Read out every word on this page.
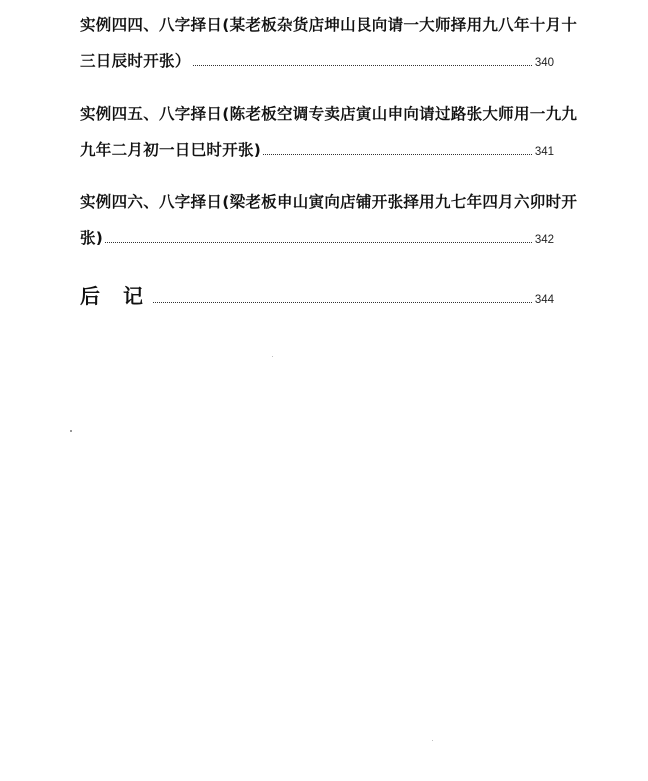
实例四四、八字择日(某老板杂货店坤山艮向请一大师择用九八年十月十
三日辰时开张）	340
实例四五、八字择日(陈老板空调专卖店寅山申向请过路张大师用一九九
九年二月初一日巳时开张)	341
实例四六、八字择日(梁老板申山寅向店铺开张择用九七年四月六卯时开
张)	342
后 记	344
